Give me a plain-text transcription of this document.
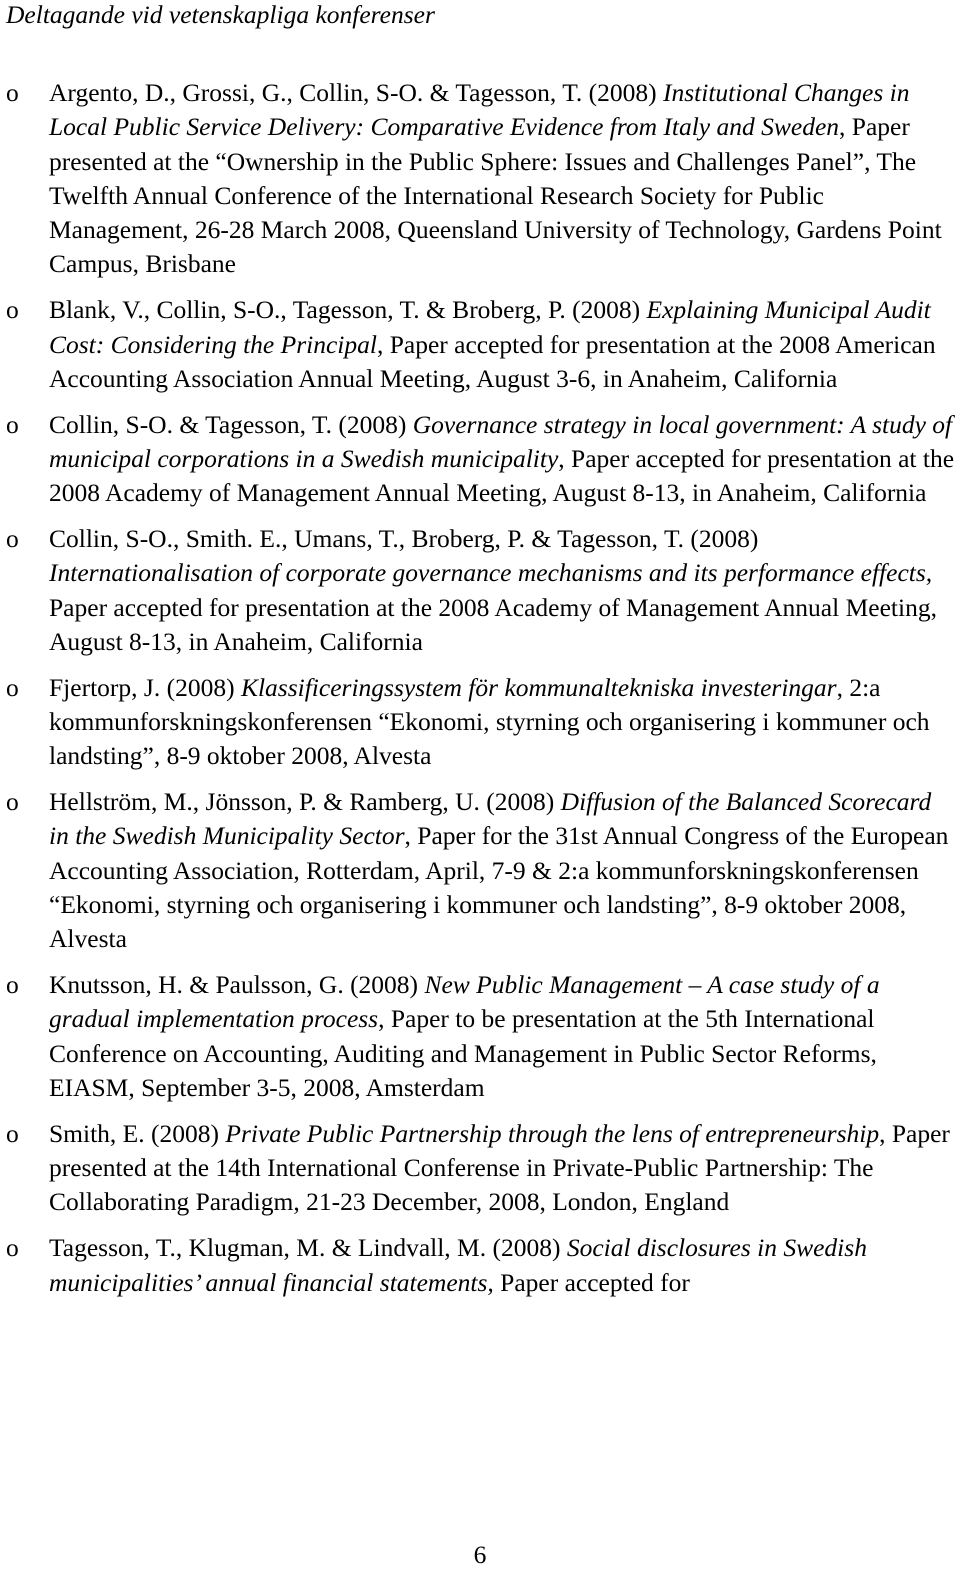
Deltagande vid vetenskapliga konferenser
o Argento, D., Grossi, G., Collin, S-O. & Tagesson, T. (2008) Institutional Changes in Local Public Service Delivery: Comparative Evidence from Italy and Sweden, Paper presented at the “Ownership in the Public Sphere: Issues and Challenges Panel”, The Twelfth Annual Conference of the International Research Society for Public Management, 26-28 March 2008, Queensland University of Technology, Gardens Point Campus, Brisbane
o Blank, V., Collin, S-O., Tagesson, T. & Broberg, P. (2008) Explaining Municipal Audit Cost: Considering the Principal, Paper accepted for presentation at the 2008 American Accounting Association Annual Meeting, August 3-6, in Anaheim, California
o Collin, S-O. & Tagesson, T. (2008) Governance strategy in local government: A study of municipal corporations in a Swedish municipality, Paper accepted for presentation at the 2008 Academy of Management Annual Meeting, August 8-13, in Anaheim, California
o Collin, S-O., Smith. E., Umans, T., Broberg, P. & Tagesson, T. (2008) Internationalisation of corporate governance mechanisms and its performance effects, Paper accepted for presentation at the 2008 Academy of Management Annual Meeting, August 8-13, in Anaheim, California
o Fjertorp, J. (2008) Klassificeringssystem för kommunaltekniska investeringar, 2:a kommunforskningskonferensen “Ekonomi, styrning och organisering i kommuner och landsting”, 8-9 oktober 2008, Alvesta
o Hellström, M., Jönsson, P. & Ramberg, U. (2008) Diffusion of the Balanced Scorecard in the Swedish Municipality Sector, Paper for the 31st Annual Congress of the European Accounting Association, Rotterdam, April, 7-9 & 2:a kommunforskningskonferensen “Ekonomi, styrning och organisering i kommuner och landsting”, 8-9 oktober 2008, Alvesta
o Knutsson, H. & Paulsson, G. (2008) New Public Management – A case study of a gradual implementation process, Paper to be presentation at the 5th International Conference on Accounting, Auditing and Management in Public Sector Reforms, EIASM, September 3-5, 2008, Amsterdam
o Smith, E. (2008) Private Public Partnership through the lens of entrepreneurship, Paper presented at the 14th International Conferense in Private-Public Partnership: The Collaborating Paradigm, 21-23 December, 2008, London, England
o Tagesson, T., Klugman, M. & Lindvall, M. (2008) Social disclosures in Swedish municipalities’ annual financial statements, Paper accepted for
6
